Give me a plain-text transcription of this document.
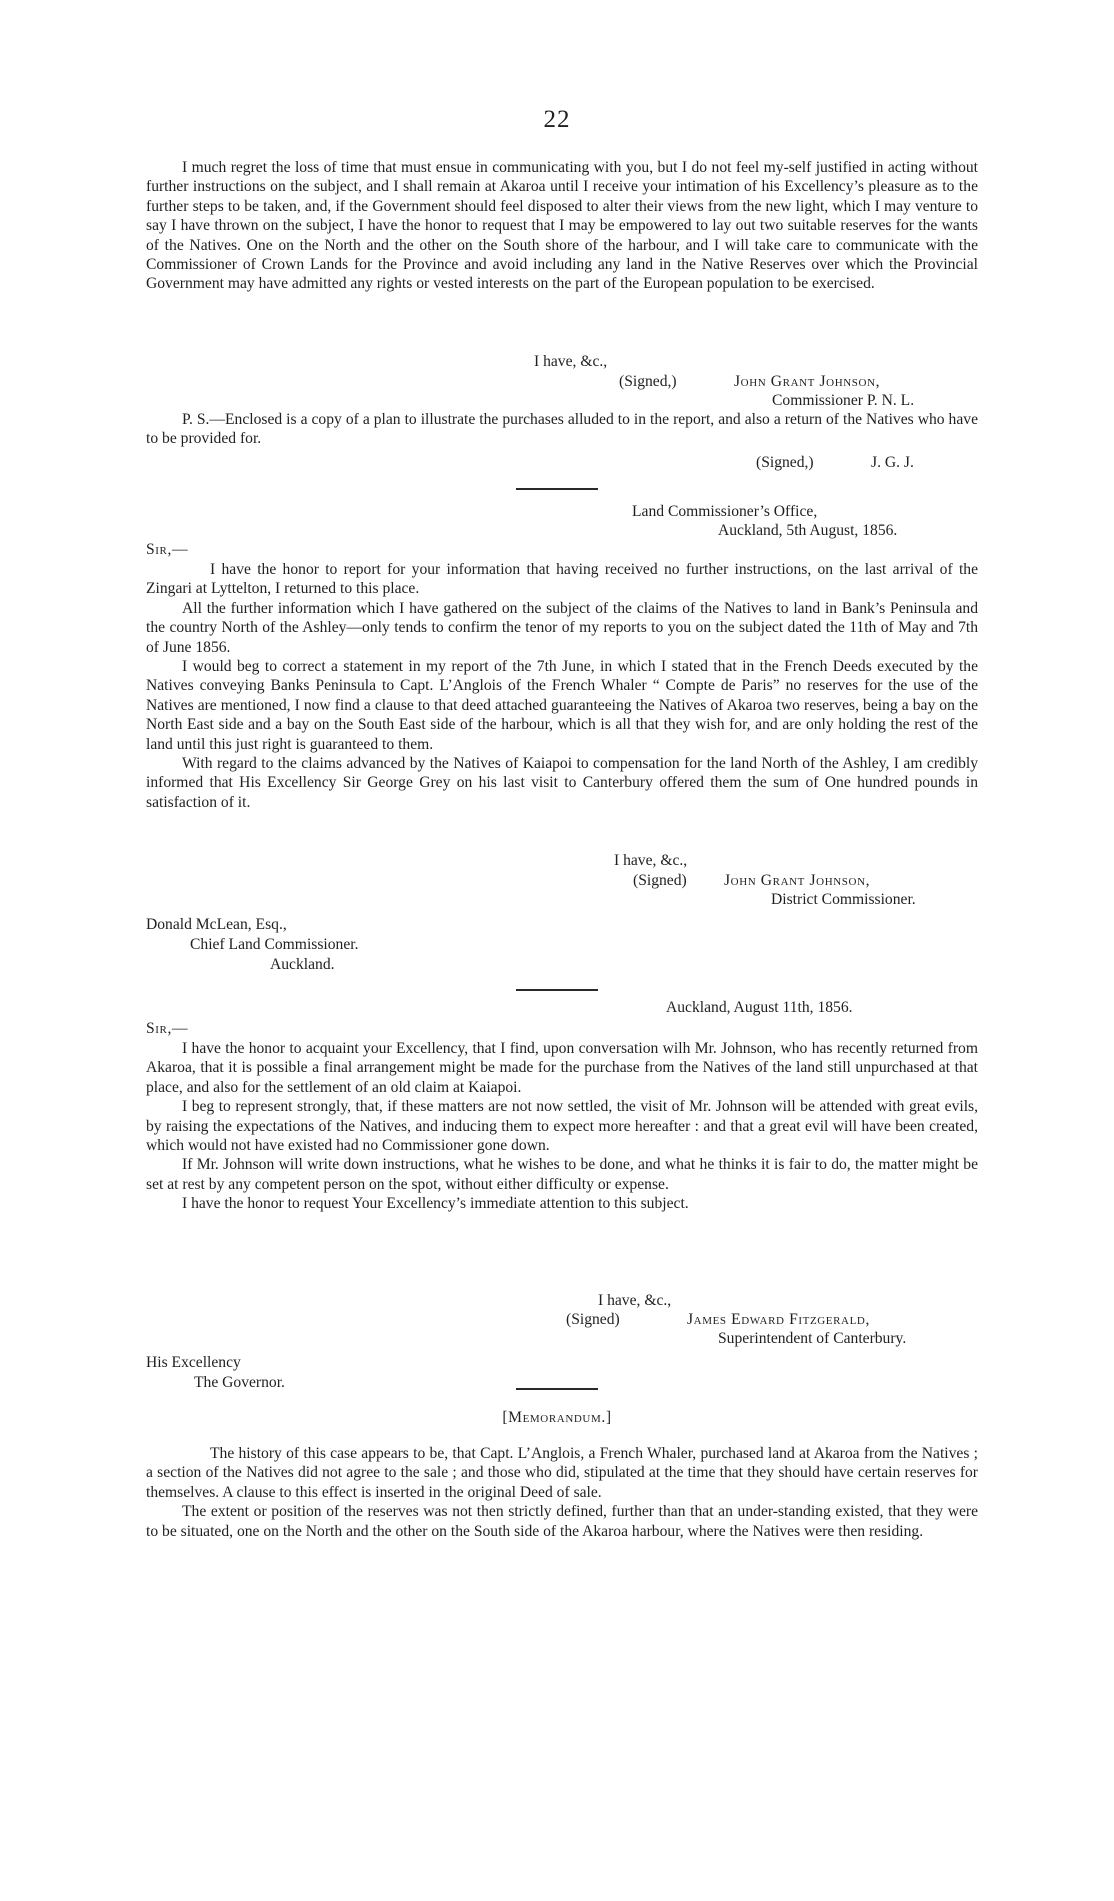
22

I much regret the loss of time that must ensue in communicating with you, but I do not feel my-self justified in acting without further instructions on the subject, and I shall remain at Akaroa until I receive your intimation of his Excellency’s pleasure as to the further steps to be taken, and, if the Government should feel disposed to alter their views from the new light, which I may venture to say I have thrown on the subject, I have the honor to request that I may be empowered to lay out two suitable reserves for the wants of the Natives. One on the North and the other on the South shore of the harbour, and I will take care to communicate with the Commissioner of Crown Lands for the Province and avoid including any land in the Native Reserves over which the Provincial Government may have admitted any rights or vested interests on the part of the European population to be exercised.

I have, &c.,
(Signed,)	John Grant Johnson,
Commissioner P. N. L.

P. S.—Enclosed is a copy of a plan to illustrate the purchases alluded to in the report, and also a return of the Natives who have to be provided for.

(Signed,)	J. G. J.
Land Commissioner’s Office,
Auckland, 5th August, 1856.
Sir,—

I have the honor to report for your information that having received no further instructions, on the last arrival of the Zingari at Lyttelton, I returned to this place.

All the further information which I have gathered on the subject of the claims of the Natives to land in Bank’s Peninsula and the country North of the Ashley—only tends to confirm the tenor of my reports to you on the subject dated the 11th of May and 7th of June 1856.

I would beg to correct a statement in my report of the 7th June, in which I stated that in the French Deeds executed by the Natives conveying Banks Peninsula to Capt. L’Anglois of the French Whaler “ Compte de Paris” no reserves for the use of the Natives are mentioned, I now find a clause to that deed attached guaranteeing the Natives of Akaroa two reserves, being a bay on the North East side and a bay on the South East side of the harbour, which is all that they wish for, and are only holding the rest of the land until this just right is guaranteed to them.

With regard to the claims advanced by the Natives of Kaiapoi to compensation for the land North of the Ashley, I am credibly informed that His Excellency Sir George Grey on his last visit to Canterbury offered them the sum of One hundred pounds in satisfaction of it.

I have, &c.,
(Signed) John Grant Johnson,
District Commissioner.
Donald McLean, Esq.,
Chief Land Commissioner.
Auckland.
Auckland, August 11th, 1856.
Sir,—

I have the honor to acquaint your Excellency, that I find, upon conversation wilh Mr. Johnson, who has recently returned from Akaroa, that it is possible a final arrangement might be made for the purchase from the Natives of the land still unpurchased at that place, and also for the settlement of an old claim at Kaiapoi.

I beg to represent strongly, that, if these matters are not now settled, the visit of Mr. Johnson will be attended with great evils, by raising the expectations of the Natives, and inducing them to expect more hereafter : and that a great evil will have been created, which would not have existed had no Commissioner gone down.

If Mr. Johnson will write down instructions, what he wishes to be done, and what he thinks it is fair to do, the matter might be set at rest by any competent person on the spot, without either difficulty or expense.

I have the honor to request Your Excellency’s immediate attention to this subject.

I have, &c.,
(Signed)	James Edward Fitzgerald,
Superintendent of Canterbury.
His Excellency
The Governor.
[Memorandum.]

The history of this case appears to be, that Capt. L’Anglois, a French Whaler, purchased land at Akaroa from the Natives ; a section of the Natives did not agree to the sale ; and those who did, stipulated at the time that they should have certain reserves for themselves. A clause to this effect is inserted in the original Deed of sale.

The extent or position of the reserves was not then strictly defined, further than that an under-standing existed, that they were to be situated, one on the North and the other on the South side of the Akaroa harbour, where the Natives were then residing.
